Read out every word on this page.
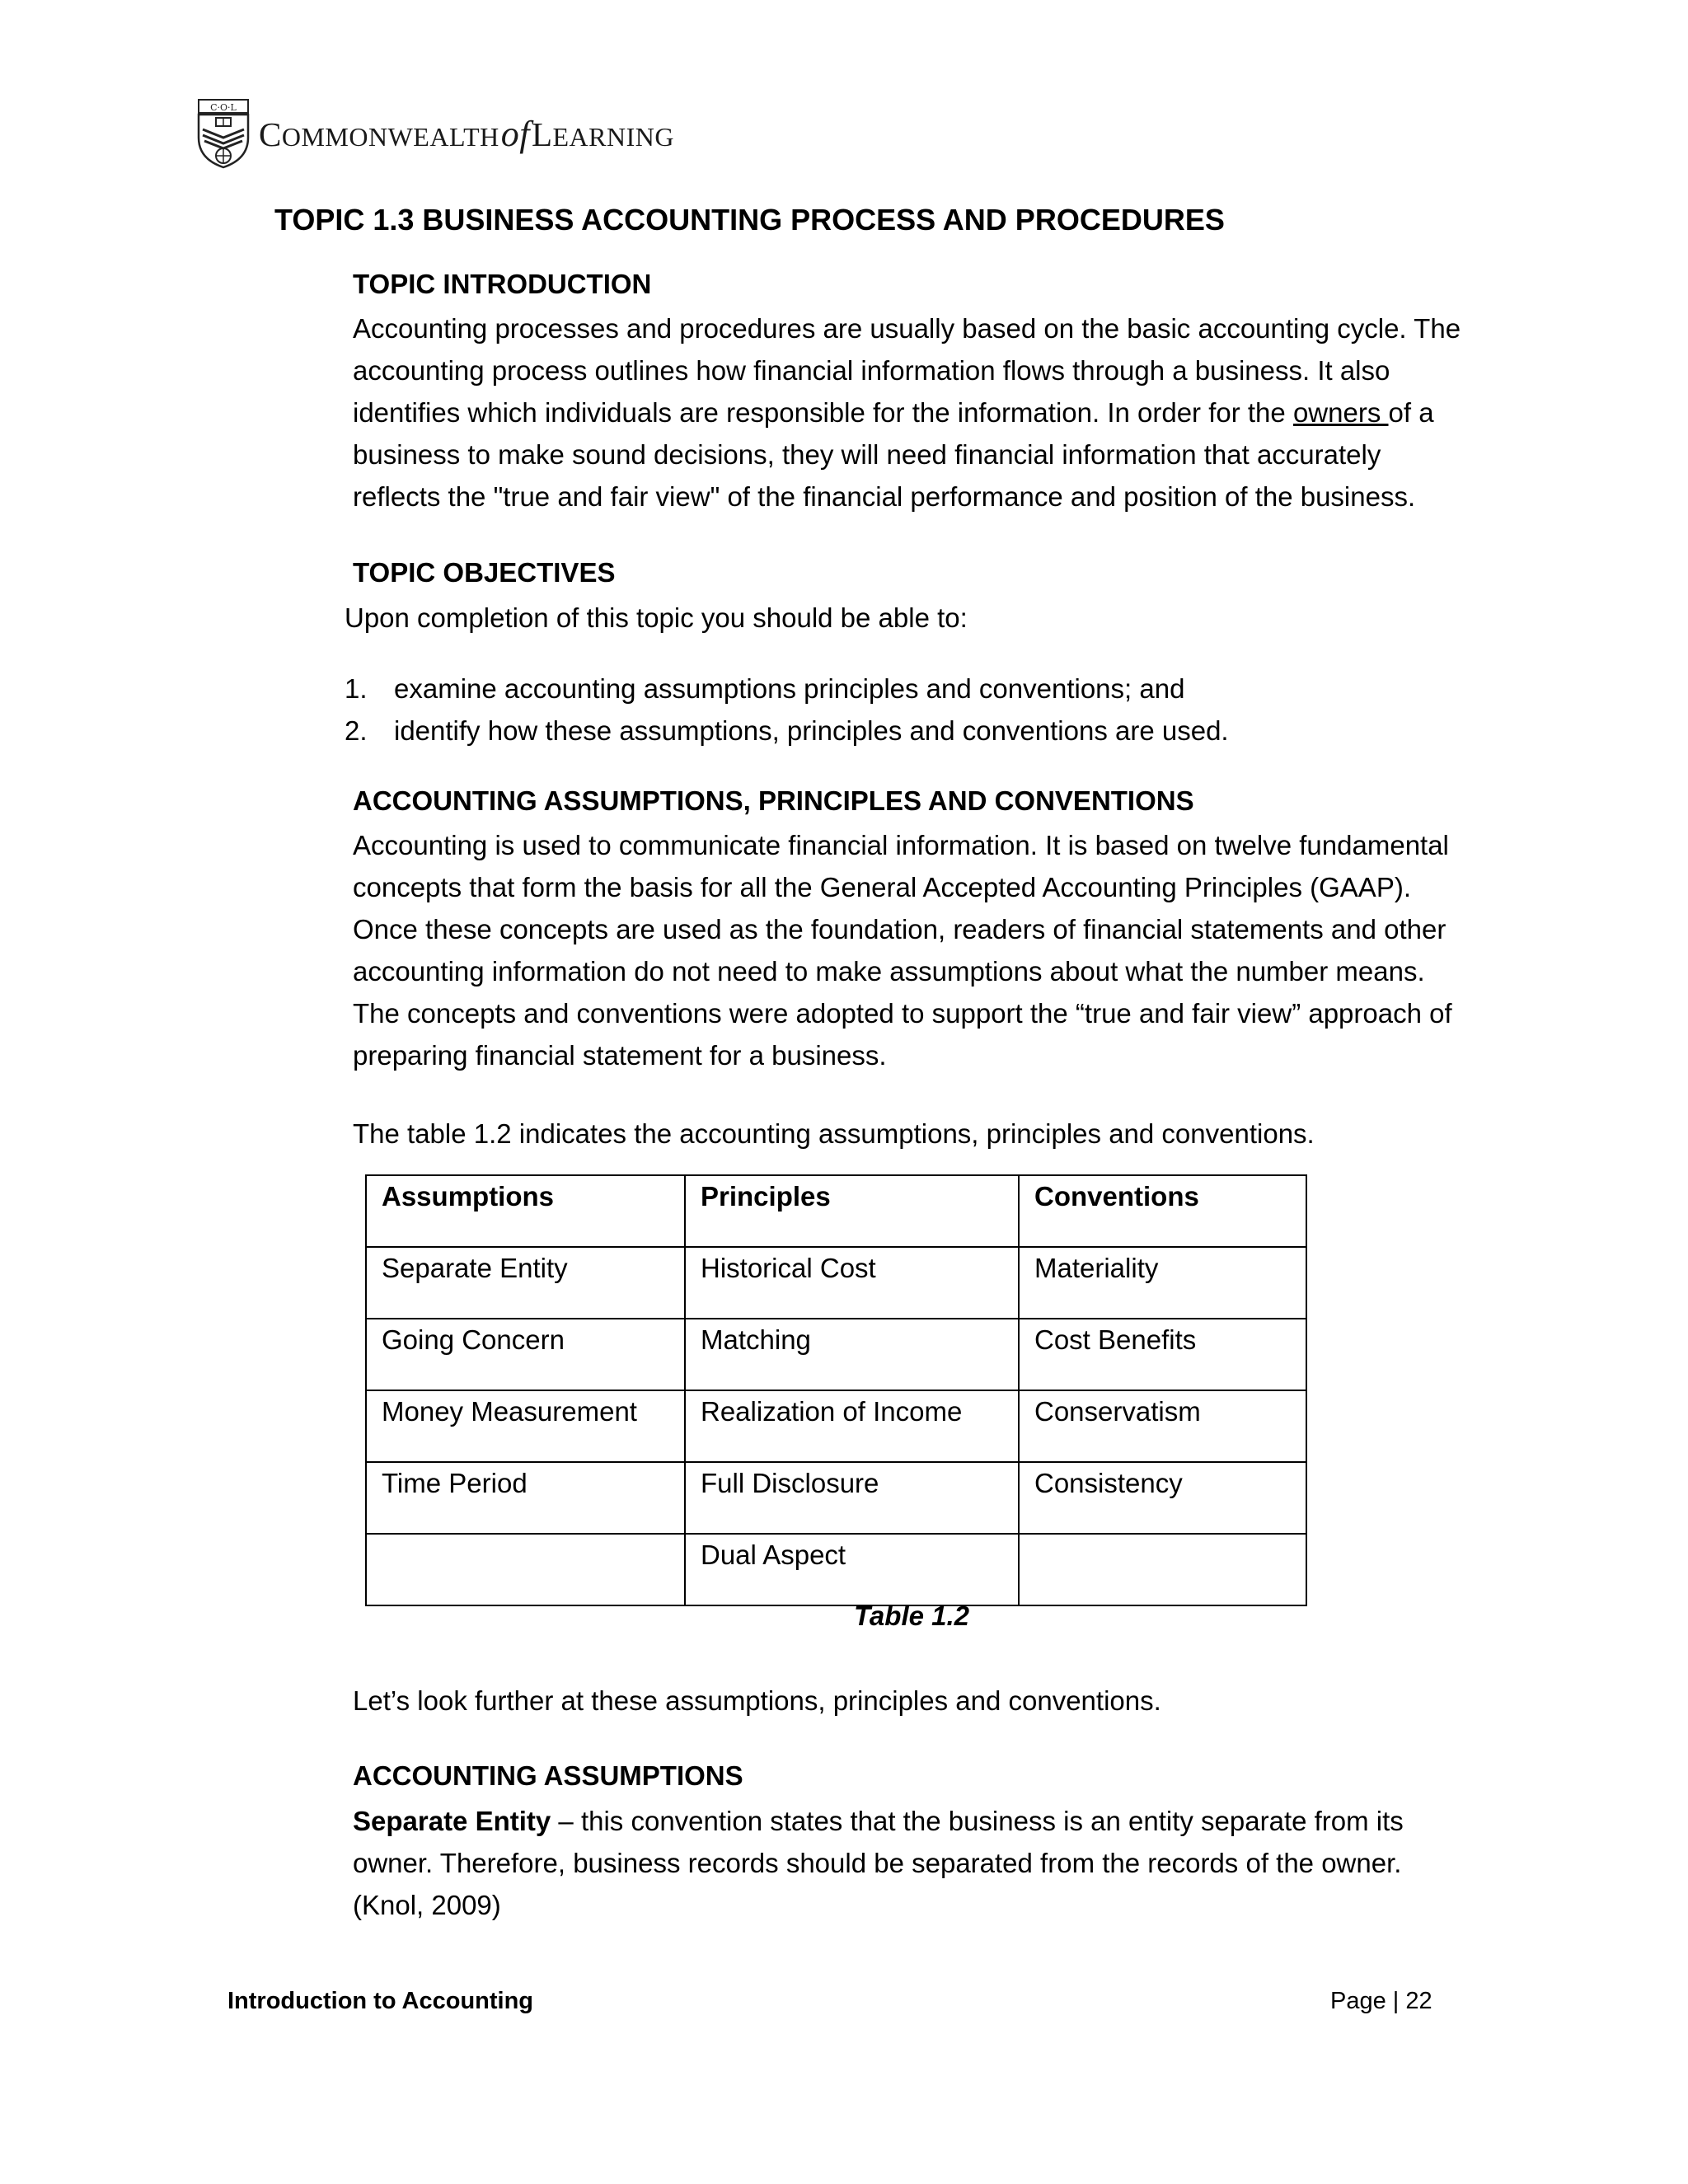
C·O·L
COMMONWEALTHofLEARNING
TOPIC 1.3 BUSINESS ACCOUNTING PROCESS AND PROCEDURES
TOPIC INTRODUCTION

Accounting processes and procedures are usually based on the basic accounting cycle. The accounting process outlines how financial information flows through a business. It also identifies which individuals are responsible for the information. In order for the owners of a business to make sound decisions, they will need financial information that accurately reflects the "true and fair view" of the financial performance and position of the business.

TOPIC OBJECTIVES
Upon completion of this topic you should be able to:
1. examine accounting assumptions principles and conventions; and
2. identify how these assumptions, principles and conventions are used.
ACCOUNTING ASSUMPTIONS, PRINCIPLES AND CONVENTIONS
Accounting is used to communicate financial information. It is based on twelve fundamental concepts that form the basis for all the General Accepted Accounting Principles (GAAP). Once these concepts are used as the foundation, readers of financial statements and other accounting information do not need to make assumptions about what the number means. The concepts and conventions were adopted to support the “true and fair view” approach of preparing financial statement for a business.
The table 1.2 indicates the accounting assumptions, principles and conventions.
Assumptions	Principles	Conventions
Separate Entity	Historical Cost	Materiality
Going Concern	Matching	Cost Benefits
Money Measurement	Realization of Income	Conservatism
Time Period	Full Disclosure	Consistency
	Dual Aspect	
Table 1.2
Let’s look further at these assumptions, principles and conventions.
ACCOUNTING ASSUMPTIONS

Separate Entity – this convention states that the business is an entity separate from its owner. Therefore, business records should be separated from the records of the owner. (Knol, 2009)

Introduction to Accounting	Page | 22
